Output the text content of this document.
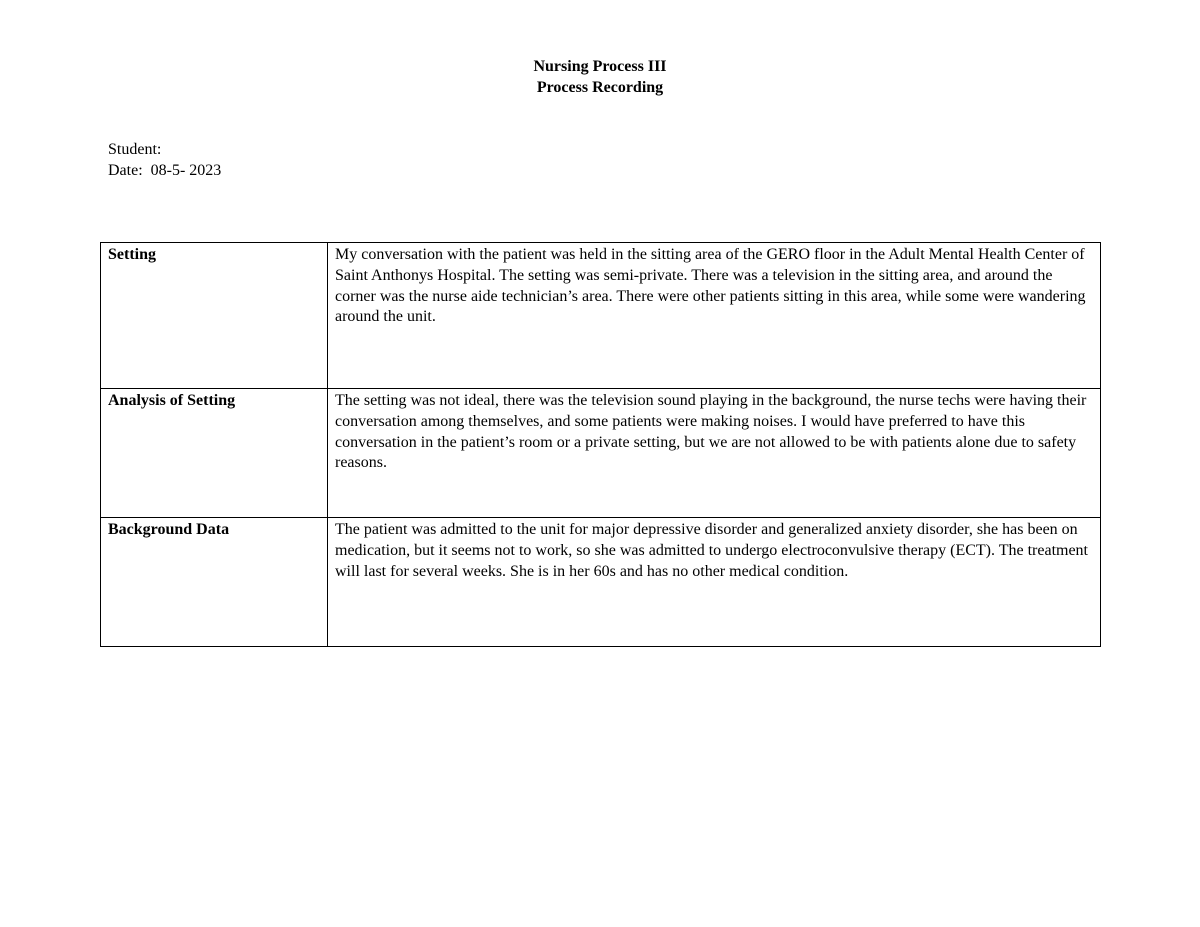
Nursing Process III
Process Recording
Student:
Date:  08-5- 2023
Setting	My conversation with the patient was held in the sitting area of the GERO floor in the Adult Mental Health Center of Saint Anthonys Hospital. The setting was semi-private. There was a television in the sitting area, and around the corner was the nurse aide technician’s area. There were other patients sitting in this area, while some were wandering around the unit.
Analysis of Setting	The setting was not ideal, there was the television sound playing in the background, the nurse techs were having their conversation among themselves, and some patients were making noises. I would have preferred to have this conversation in the patient’s room or a private setting, but we are not allowed to be with patients alone due to safety reasons.
Background Data	The patient was admitted to the unit for major depressive disorder and generalized anxiety disorder, she has been on medication, but it seems not to work, so she was admitted to undergo electroconvulsive therapy (ECT). The treatment will last for several weeks. She is in her 60s and has no other medical condition.
